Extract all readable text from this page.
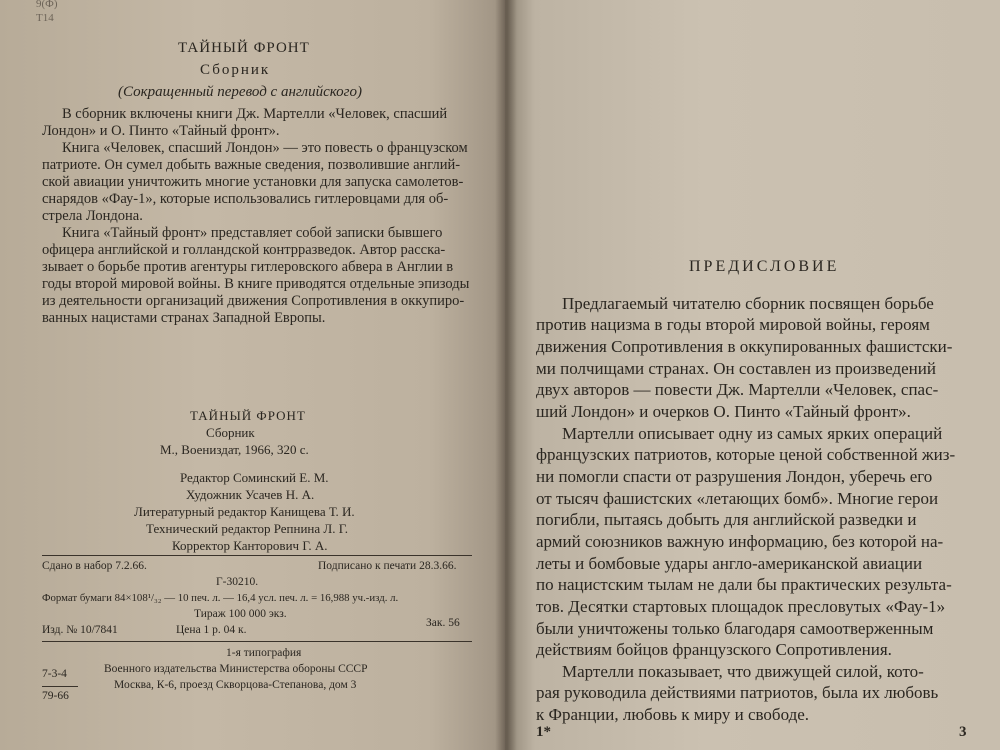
9(Ф)
Т14
ТАЙНЫЙ ФРОНТ
Сборник
(Сокращенный перевод с английского)
В сборник включены книги Дж. Мартелли «Человек, спасший
Лондон» и О. Пинто «Тайный фронт».
Книга «Человек, спасший Лондон» — это повесть о французском
патриоте. Он сумел добыть важные сведения, позволившие англий-
ской авиации уничтожить многие установки для запуска самолетов-
снарядов «Фау-1», которые использовались гитлеровцами для об-
стрела Лондона.
Книга «Тайный фронт» представляет собой записки бывшего
офицера английской и голландской контрразведок. Автор расска-
зывает о борьбе против агентуры гитлеровского абвера в Англии в
годы второй мировой войны. В книге приводятся отдельные эпизоды
из деятельности организаций движения Сопротивления в оккупиро-
ванных нацистами странах Западной Европы.
ТАЙНЫЙ ФРОНТ
Сборник
М., Воениздат, 1966, 320 с.
Редактор Соминский Е. М.
Художник Усачев Н. А.
Литературный редактор Канищева Т. И.
Технический редактор Репнина Л. Г.
Корректор Канторович Г. А.
Сдано в набор 7.2.66.	Подписано к печати 28.3.66.
Г-30210.
Формат бумаги 84×108¹/₃₂ — 10 печ. л. — 16,4 усл. печ. л. = 16,988 уч.-изд. л.
Тираж 100 000 экз.
Изд. № 10/7841	Цена 1 р. 04 к.
Зак. 56
1-я типография
Военного издательства Министерства обороны СССР
Москва, К-6, проезд Скворцова-Степанова, дом 3
7-3-4
79-66
ПРЕДИСЛОВИЕ
Предлагаемый читателю сборник посвящен борьбе
против нацизма в годы второй мировой войны, героям
движения Сопротивления в оккупированных фашистски-
ми полчищами странах. Он составлен из произведений
двух авторов — повести Дж. Мартелли «Человек, спас-
ший Лондон» и очерков О. Пинто «Тайный фронт».
Мартелли описывает одну из самых ярких операций
французских патриотов, которые ценой собственной жиз-
ни помогли спасти от разрушения Лондон, уберечь его
от тысяч фашистских «летающих бомб». Многие герои
погибли, пытаясь добыть для английской разведки и
армий союзников важную информацию, без которой на-
леты и бомбовые удары англо-американской авиации
по нацистским тылам не дали бы практических результа-
тов. Десятки стартовых площадок пресловутых «Фау-1»
были уничтожены только благодаря самоотверженным
действиям бойцов французского Сопротивления.
Мартелли показывает, что движущей силой, кото-
рая руководила действиями патриотов, была их любовь
к Франции, любовь к миру и свободе.
1*	3
